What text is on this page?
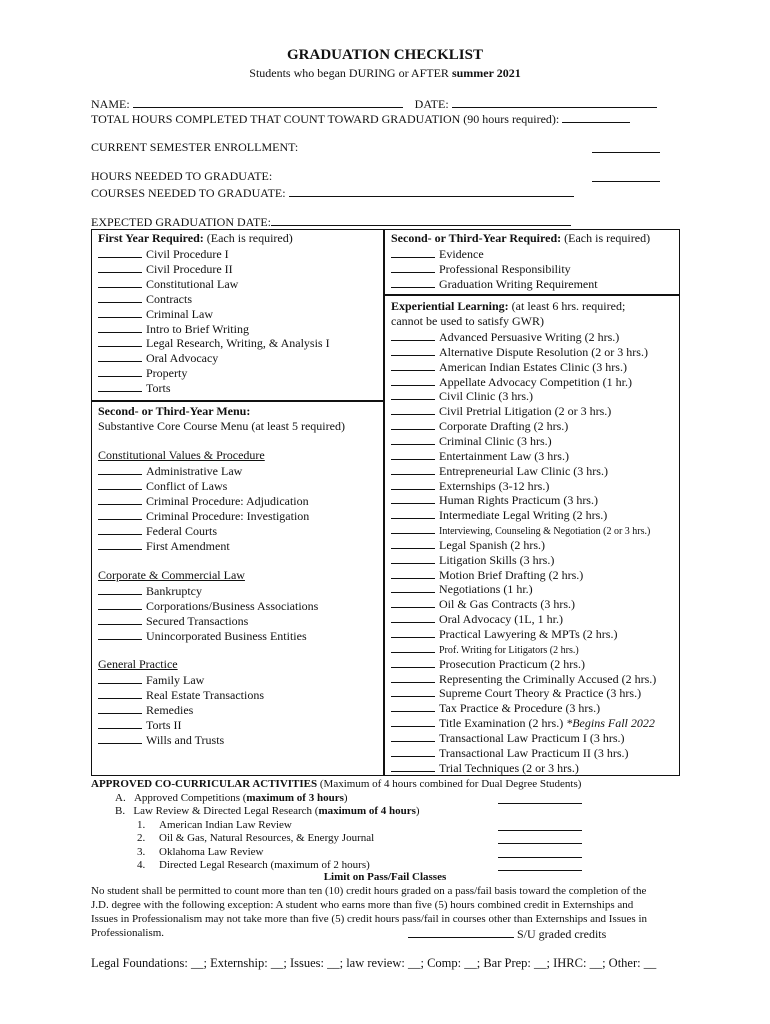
GRADUATION CHECKLIST
Students who began DURING or AFTER summer 2021
NAME:	DATE:
TOTAL HOURS COMPLETED THAT COUNT TOWARD GRADUATION (90 hours required):
CURRENT SEMESTER ENROLLMENT:
HOURS NEEDED TO GRADUATE:
COURSES NEEDED TO GRADUATE:
EXPECTED GRADUATION DATE:
First Year Required: (Each is required)
Civil Procedure I
Civil Procedure II
Constitutional Law
Contracts
Criminal Law
Intro to Brief Writing
Legal Research, Writing, & Analysis I
Oral Advocacy
Property
Torts
Second- or Third-Year Menu:
Substantive Core Course Menu (at least 5 required)
Constitutional Values & Procedure
Administrative Law
Conflict of Laws
Criminal Procedure: Adjudication
Criminal Procedure: Investigation
Federal Courts
First Amendment
Corporate & Commercial Law
Bankruptcy
Corporations/Business Associations
Secured Transactions
Unincorporated Business Entities
General Practice
Family Law
Real Estate Transactions
Remedies
Torts II
Wills and Trusts
Second- or Third-Year Required: (Each is required)
Evidence
Professional Responsibility
Graduation Writing Requirement
Experiential Learning: (at least 6 hrs. required;
cannot be used to satisfy GWR)
Advanced Persuasive Writing (2 hrs.)
Alternative Dispute Resolution (2 or 3 hrs.)
American Indian Estates Clinic (3 hrs.)
Appellate Advocacy Competition (1 hr.)
Civil Clinic (3 hrs.)
Civil Pretrial Litigation (2 or 3 hrs.)
Corporate Drafting (2 hrs.)
Criminal Clinic (3 hrs.)
Entertainment Law (3 hrs.)
Entrepreneurial Law Clinic (3 hrs.)
Externships (3-12 hrs.)
Human Rights Practicum (3 hrs.)
Intermediate Legal Writing (2 hrs.)
Interviewing, Counseling & Negotiation (2 or 3 hrs.)
Legal Spanish (2 hrs.)
Litigation Skills (3 hrs.)
Motion Brief Drafting (2 hrs.)
Negotiations (1 hr.)
Oil & Gas Contracts (3 hrs.)
Oral Advocacy (1L, 1 hr.)
Practical Lawyering & MPTs (2 hrs.)
Prof. Writing for Litigators (2 hrs.)
Prosecution Practicum (2 hrs.)
Representing the Criminally Accused (2 hrs.)
Supreme Court Theory & Practice (3 hrs.)
Tax Practice & Procedure (3 hrs.)
Title Examination (2 hrs.) *Begins Fall 2022
Transactional Law Practicum I (3 hrs.)
Transactional Law Practicum II (3 hrs.)
Trial Techniques (2 or 3 hrs.)
APPROVED CO-CURRICULAR ACTIVITIES (Maximum of 4 hours combined for Dual Degree Students)
A. Approved Competitions (maximum of 3 hours)
B. Law Review & Directed Legal Research (maximum of 4 hours)
1. American Indian Law Review
2. Oil & Gas, Natural Resources, & Energy Journal
3. Oklahoma Law Review
4. Directed Legal Research (maximum of 2 hours)
Limit on Pass/Fail Classes
No student shall be permitted to count more than ten (10) credit hours graded on a pass/fail basis toward the completion of the
J.D. degree with the following exception: A student who earns more than five (5) hours combined credit in Externships and
Issues in Professionalism may not take more than five (5) credit hours pass/fail in courses other than Externships and Issues in
Professionalism.	S/U graded credits
Legal Foundations: __; Externship: __; Issues: __; law review: __; Comp: __; Bar Prep: __; IHRC: __; Other: __
